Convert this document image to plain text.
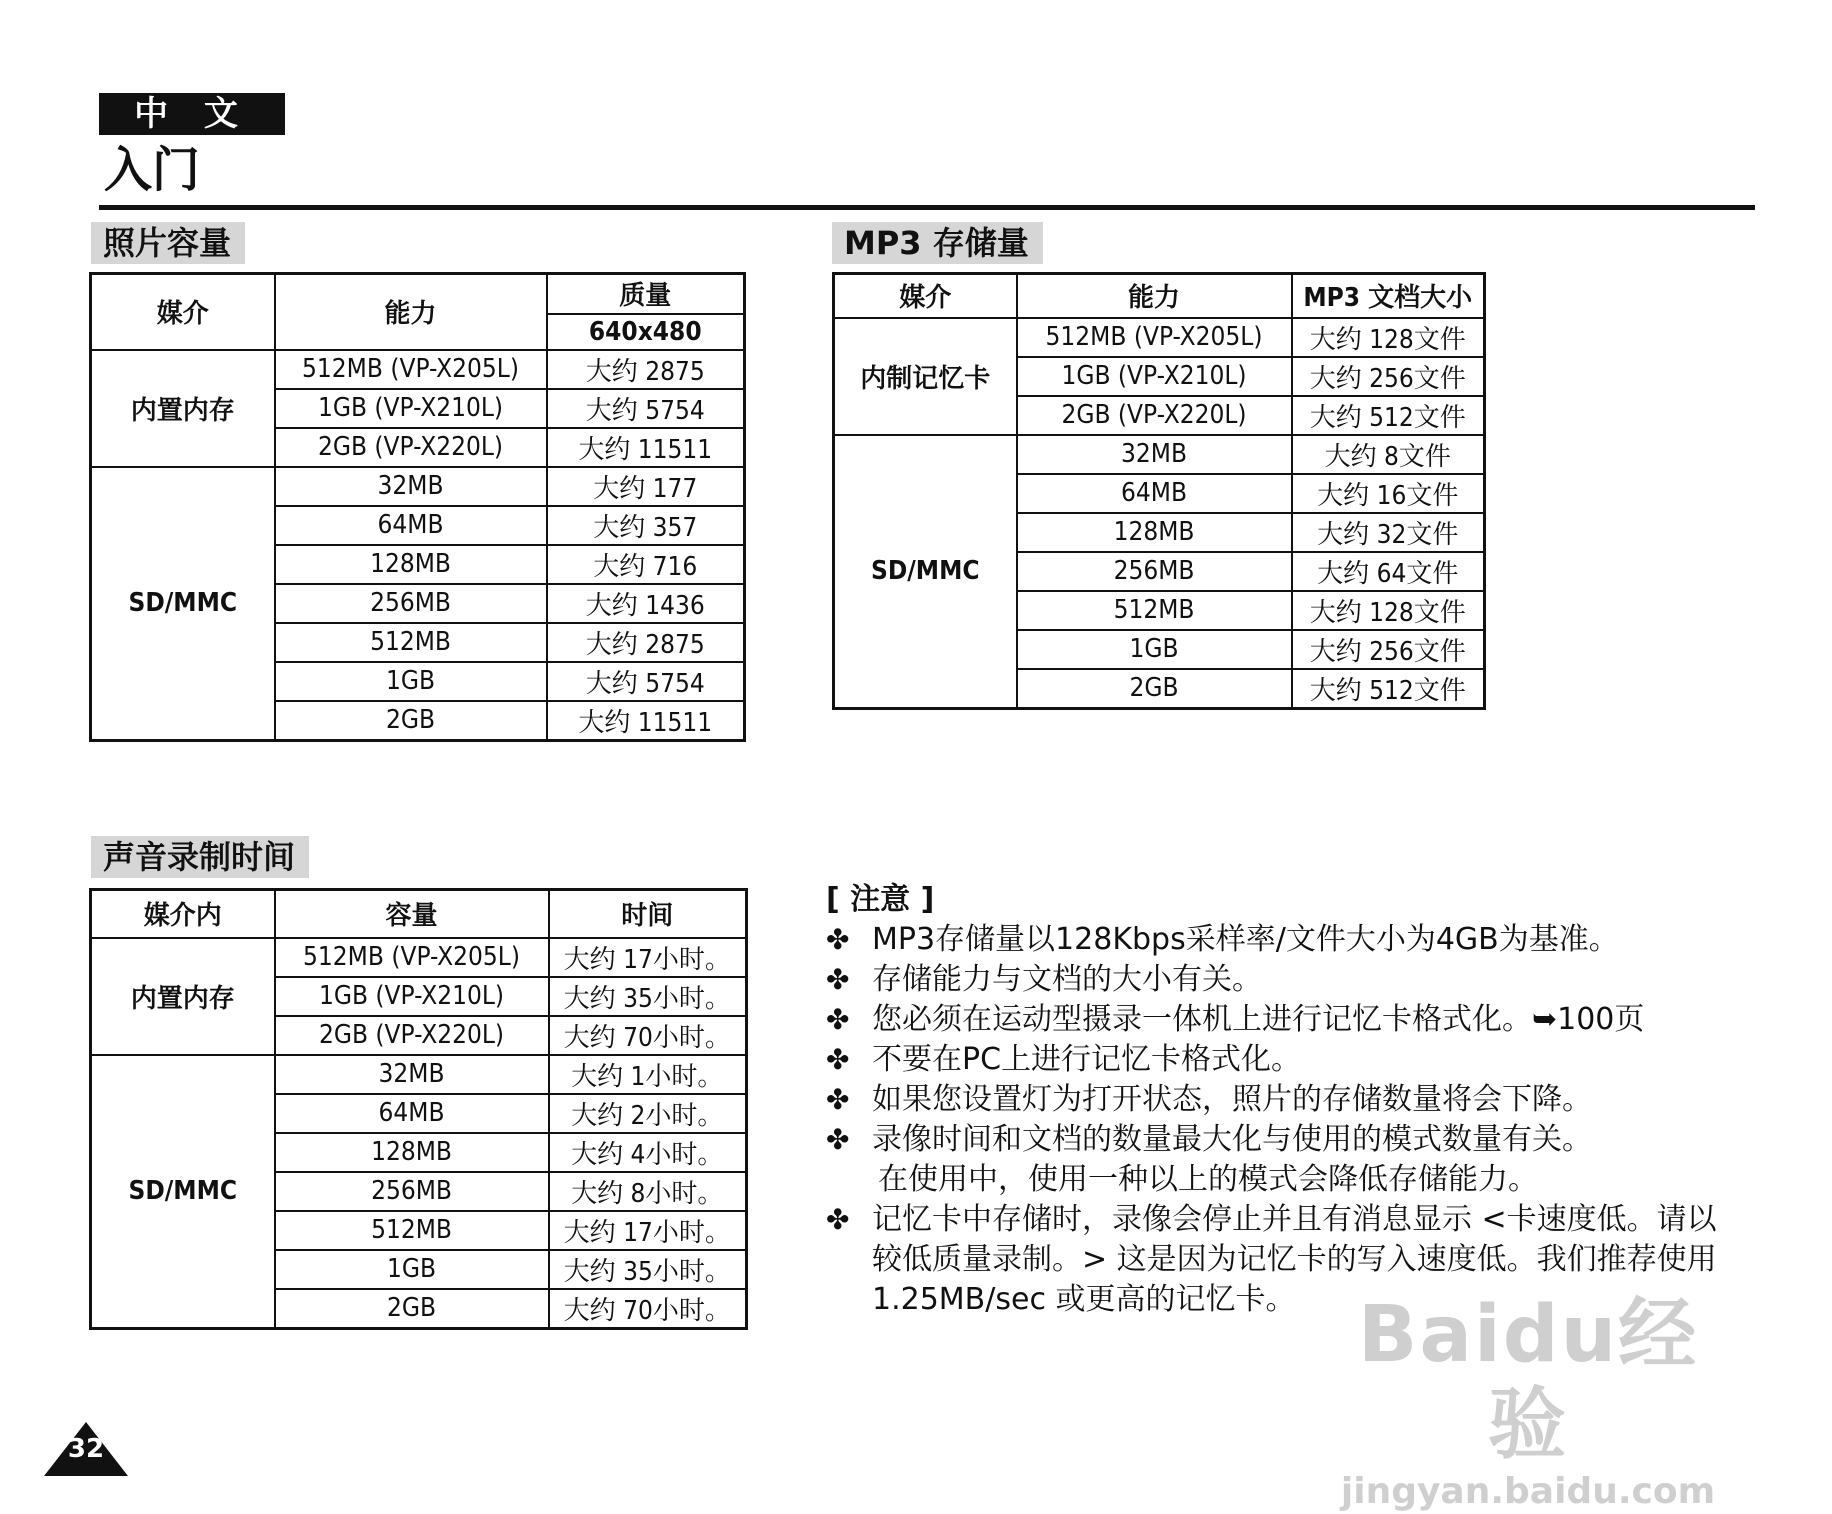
中 文
入门
照片容量
媒介	能力	质量
		640x480
内置内存	512MB (VP-X205L)	大约 2875
	1GB (VP-X210L)	大约 5754
	2GB (VP-X220L)	大约 11511
SD/MMC	32MB	大约 177
	64MB	大约 357
	128MB	大约 716
	256MB	大约 1436
	512MB	大约 2875
	1GB	大约 5754
	2GB	大约 11511
MP3 存储量
媒介	能力	MP3 文档大小
内制记忆卡	512MB (VP-X205L)	大约 128文件
	1GB (VP-X210L)	大约 256文件
	2GB (VP-X220L)	大约 512文件
SD/MMC	32MB	大约 8文件
	64MB	大约 16文件
	128MB	大约 32文件
	256MB	大约 64文件
	512MB	大约 128文件
	1GB	大约 256文件
	2GB	大约 512文件
声音录制时间
媒介内	容量	时间
内置内存	512MB (VP-X205L)	大约 17小时。
	1GB (VP-X210L)	大约 35小时。
	2GB (VP-X220L)	大约 70小时。
SD/MMC	32MB	大约 1小时。
	64MB	大约 2小时。
	128MB	大约 4小时。
	256MB	大约 8小时。
	512MB	大约 17小时。
	1GB	大约 35小时。
	2GB	大约 70小时。
[ 注意 ]
✤ MP3存储量以128Kbps采样率/文件大小为4GB为基准。
✤ 存储能力与文档的大小有关。
✤ 您必须在运动型摄录一体机上进行记忆卡格式化。➥100页
✤ 不要在PC上进行记忆卡格式化。
✤ 如果您设置灯为打开状态，照片的存储数量将会下降。
✤ 录像时间和文档的数量最大化与使用的模式数量有关。
在使用中，使用一种以上的模式会降低存储能力。
✤ 记忆卡中存储时，录像会停止并且有消息显示 <卡速度低。请以较低质量录制。> 这是因为记忆卡的写入速度低。我们推荐使用1.25MB/sec 或更高的记忆卡。 Baidu经验
jingyan.baidu.com
32
